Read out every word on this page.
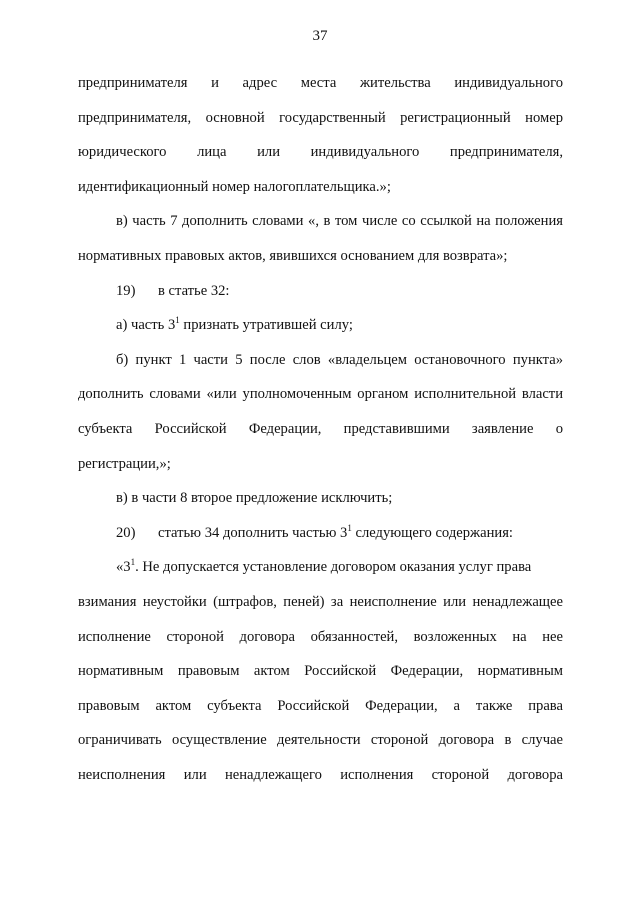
37
предпринимателя и адрес места жительства индивидуального
предпринимателя, основной государственный регистрационный номер
юридического лица или индивидуального предпринимателя,
идентификационный номер налогоплательщика.»;
в) часть 7 дополнить словами «, в том числе со ссылкой на положения
нормативных правовых актов, явившихся основанием для возврата»;
19) в статье 32:
а) часть $3^1$ признать утратившей силу;
б) пункт 1 части 5 после слов «владельцем остановочного пункта»
дополнить словами «или уполномоченным органом исполнительной власти
субъекта Российской Федерации, представившими заявление о
регистрации,»;
в) в части 8 второе предложение исключить;
20) статью 34 дополнить частью $3^1$ следующего содержания:
«$3^1$. Не допускается установление договором оказания услуг права
взимания неустойки (штрафов, пеней) за неисполнение или ненадлежащее
исполнение стороной договора обязанностей, возложенных на нее
нормативным правовым актом Российской Федерации, нормативным
правовым актом субъекта Российской Федерации, а также права
ограничивать осуществление деятельности стороной договора в случае
неисполнения или ненадлежащего исполнения стороной договора
